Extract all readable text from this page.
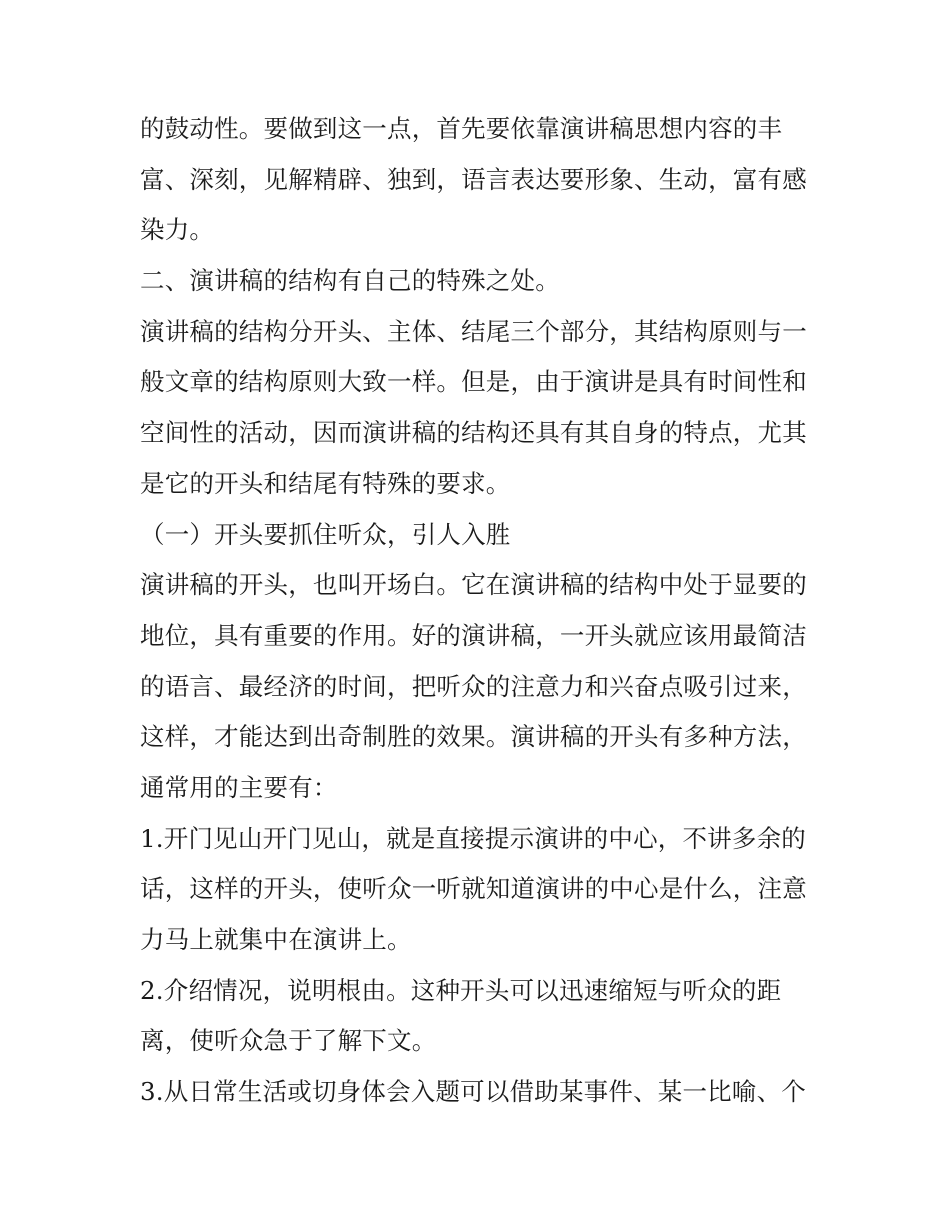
的鼓动性。要做到这一点，首先要依靠演讲稿思想内容的丰
富、深刻，见解精辟、独到，语言表达要形象、生动，富有感
染力。
二、演讲稿的结构有自己的特殊之处。
演讲稿的结构分开头、主体、结尾三个部分，其结构原则与一
般文章的结构原则大致一样。但是，由于演讲是具有时间性和
空间性的活动，因而演讲稿的结构还具有其自身的特点，尤其
是它的开头和结尾有特殊的要求。
（一）开头要抓住听众，引人入胜
演讲稿的开头，也叫开场白。它在演讲稿的结构中处于显要的
地位，具有重要的作用。好的演讲稿，一开头就应该用最简洁
的语言、最经济的时间，把听众的注意力和兴奋点吸引过来，
这样，才能达到出奇制胜的效果。演讲稿的开头有多种方法，
通常用的主要有：
1.开门见山开门见山，就是直接提示演讲的中心，不讲多余的
话，这样的开头，使听众一听就知道演讲的中心是什么，注意
力马上就集中在演讲上。
2.介绍情况，说明根由。这种开头可以迅速缩短与听众的距
离，使听众急于了解下文。
3.从日常生活或切身体会入题可以借助某事件、某一比喻、个
